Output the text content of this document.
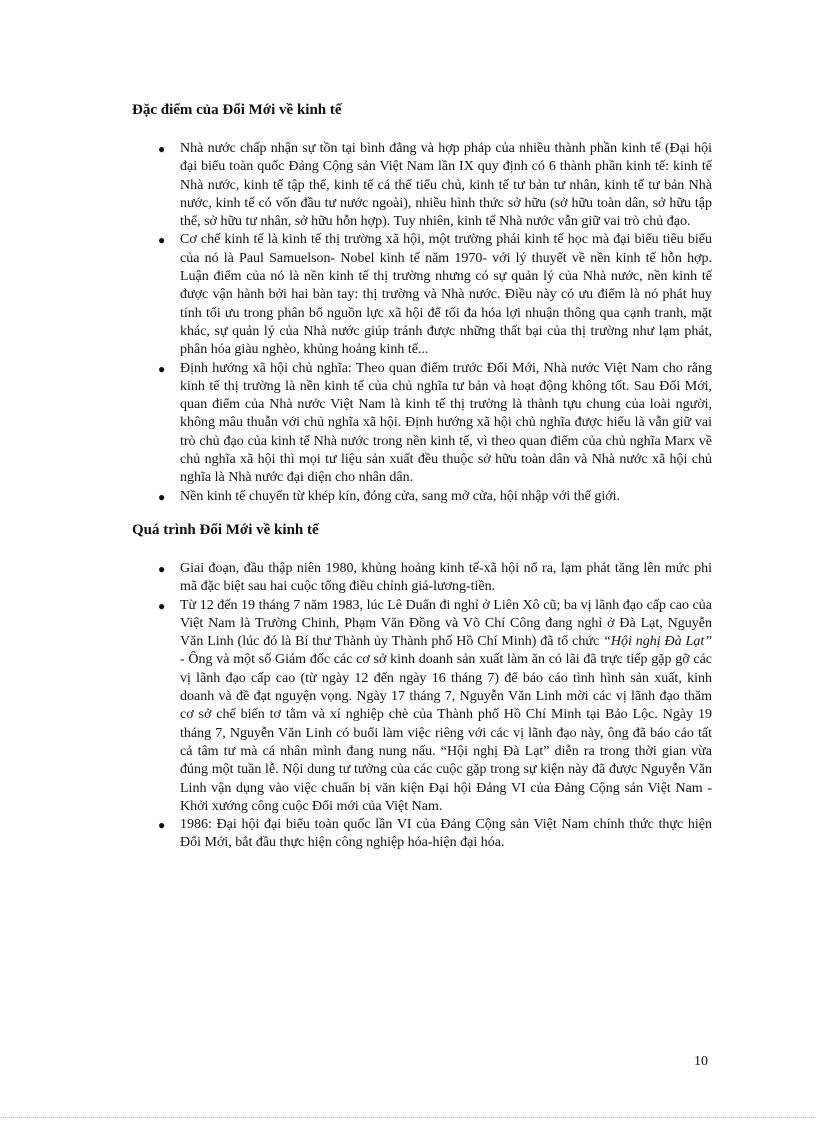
Đặc điểm của Đổi Mới về kinh tế
● Nhà nước chấp nhận sự tồn tại bình đẳng và hợp pháp của nhiều thành phần kinh tế (Đại hội đại biểu toàn quốc Đảng Cộng sản Việt Nam lần IX quy định có 6 thành phần kinh tế: kinh tế Nhà nước, kinh tế tập thể, kinh tế cá thể tiểu chủ, kinh tế tư bản tư nhân, kinh tế tư bản Nhà nước, kinh tế có vốn đầu tư nước ngoài), nhiều hình thức sở hữu (sở hữu toàn dân, sở hữu tập thể, sở hữu tư nhân, sở hữu hỗn hợp). Tuy nhiên, kinh tế Nhà nước vẫn giữ vai trò chủ đạo.
● Cơ chế kinh tế là kinh tế thị trường xã hội, một trường phái kinh tế học mà đại biểu tiêu biểu của nó là Paul Samuelson- Nobel kinh tế năm 1970- với lý thuyết về nền kinh tế hỗn hợp. Luận điểm của nó là nền kinh tế thị trường nhưng có sự quản lý của Nhà nước, nền kinh tế được vận hành bởi hai bàn tay: thị trường và Nhà nước. Điều này có ưu điểm là nó phát huy tính tối ưu trong phân bổ nguồn lực xã hội để tối đa hóa lợi nhuận thông qua cạnh tranh, mặt khác, sự quản lý của Nhà nước giúp tránh được những thất bại của thị trường như lạm phát, phân hóa giàu nghèo, khủng hoảng kinh tế...
● Định hướng xã hội chủ nghĩa: Theo quan điểm trước Đổi Mới, Nhà nước Việt Nam cho rằng kinh tế thị trường là nền kinh tế của chủ nghĩa tư bản và hoạt động không tốt. Sau Đổi Mới, quan điểm của Nhà nước Việt Nam là kinh tế thị trường là thành tựu chung của loài người, không mâu thuẫn với chủ nghĩa xã hội. Định hướng xã hội chủ nghĩa được hiểu là vẫn giữ vai trò chủ đạo của kinh tế Nhà nước trong nền kinh tế, vì theo quan điểm của chủ nghĩa Marx về chủ nghĩa xã hội thì mọi tư liệu sản xuất đều thuộc sở hữu toàn dân và Nhà nước xã hội chủ nghĩa là Nhà nước đại diện cho nhân dân.
● Nền kinh tế chuyển từ khép kín, đóng cửa, sang mở cửa, hội nhập với thế giới.
Quá trình Đổi Mới về kinh tế
● Giai đoạn, đầu thập niên 1980, khủng hoảng kinh tế-xã hội nổ ra, lạm phát tăng lên mức phi mã đặc biệt sau hai cuộc tổng điều chỉnh giá-lương-tiền.
● Từ 12 đến 19 tháng 7 năm 1983, lúc Lê Duẩn đi nghỉ ở Liên Xô cũ; ba vị lãnh đạo cấp cao của Việt Nam là Trường Chinh, Phạm Văn Đồng và Võ Chí Công đang nghỉ ở Đà Lạt, Nguyễn Văn Linh (lúc đó là Bí thư Thành ủy Thành phố Hồ Chí Minh) đã tổ chức “Hội nghị Đà Lạt” - Ông và một số Giám đốc các cơ sở kinh doanh sản xuất làm ăn có lãi đã trực tiếp gặp gỡ các vị lãnh đạo cấp cao (từ ngày 12 đến ngày 16 tháng 7) để báo cáo tình hình sản xuất, kinh doanh và đề đạt nguyện vọng. Ngày 17 tháng 7, Nguyễn Văn Linh mời các vị lãnh đạo thăm cơ sở chế biến tơ tằm và xí nghiệp chè của Thành phố Hồ Chí Minh tại Bảo Lộc. Ngày 19 tháng 7, Nguyễn Văn Linh có buổi làm việc riêng với các vị lãnh đạo này, ông đã báo cáo tất cả tâm tư mà cá nhân mình đang nung nấu. “Hội nghị Đà Lạt” diễn ra trong thời gian vừa đúng một tuần lễ. Nội dung tư tưởng của các cuộc gặp trong sự kiện này đã được Nguyễn Văn Linh vận dụng vào việc chuẩn bị văn kiện Đại hội Đảng VI của Đảng Cộng sản Việt Nam - Khởi xướng công cuộc Đổi mới của Việt Nam.
● 1986: Đại hội đại biểu toàn quốc lần VI của Đảng Cộng sản Việt Nam chính thức thực hiện Đổi Mới, bắt đầu thực hiện công nghiệp hóa-hiện đại hóa.
10
